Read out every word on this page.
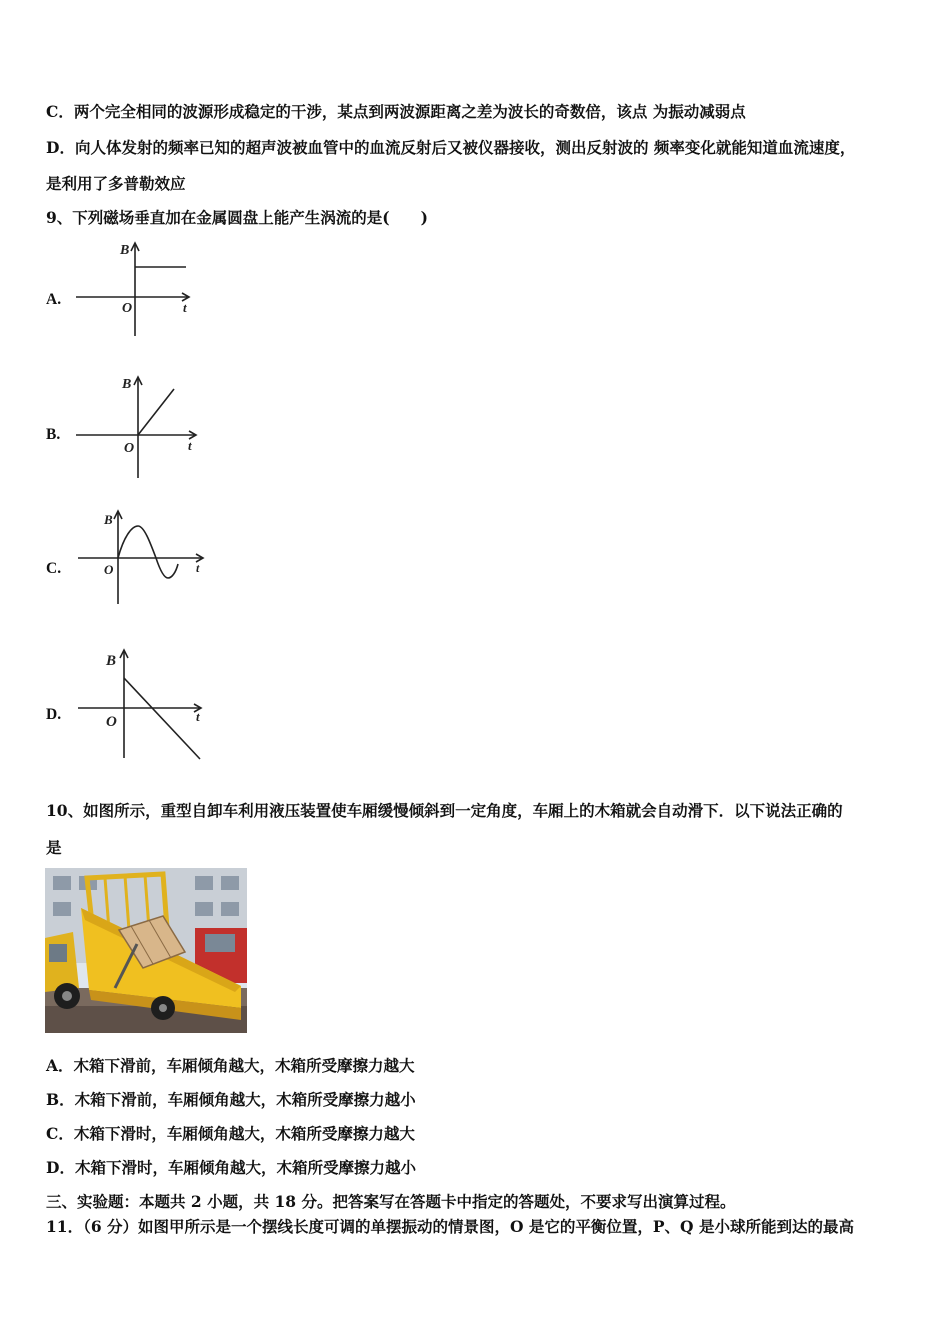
C．两个完全相同的波源形成稳定的干涉，某点到两波源距离之差为波长的奇数倍，该点 为振动减弱点
D．向人体发射的频率已知的超声波被血管中的血流反射后又被仪器接收，测出反射波的 频率变化就能知道血流速度，
是利用了多普勒效应
9、下列磁场垂直加在金属圆盘上能产生涡流的是(　　)
A.
B
O	t
B.
B
O	t
C.
B
O	t
D.
B
O	t
10、如图所示，重型自卸车利用液压装置使车厢缓慢倾斜到一定角度，车厢上的木箱就会自动滑下．以下说法正确的
是
A．木箱下滑前，车厢倾角越大，木箱所受摩擦力越大
B．木箱下滑前，车厢倾角越大，木箱所受摩擦力越小
C．木箱下滑时，车厢倾角越大，木箱所受摩擦力越大
D．木箱下滑时，车厢倾角越大，木箱所受摩擦力越小
三、实验题：本题共 2 小题，共 18 分。把答案写在答题卡中指定的答题处，不要求写出演算过程。
11．（6 分）如图甲所示是一个摆线长度可调的单摆振动的情景图，O 是它的平衡位置，P、Q 是小球所能到达的最高
